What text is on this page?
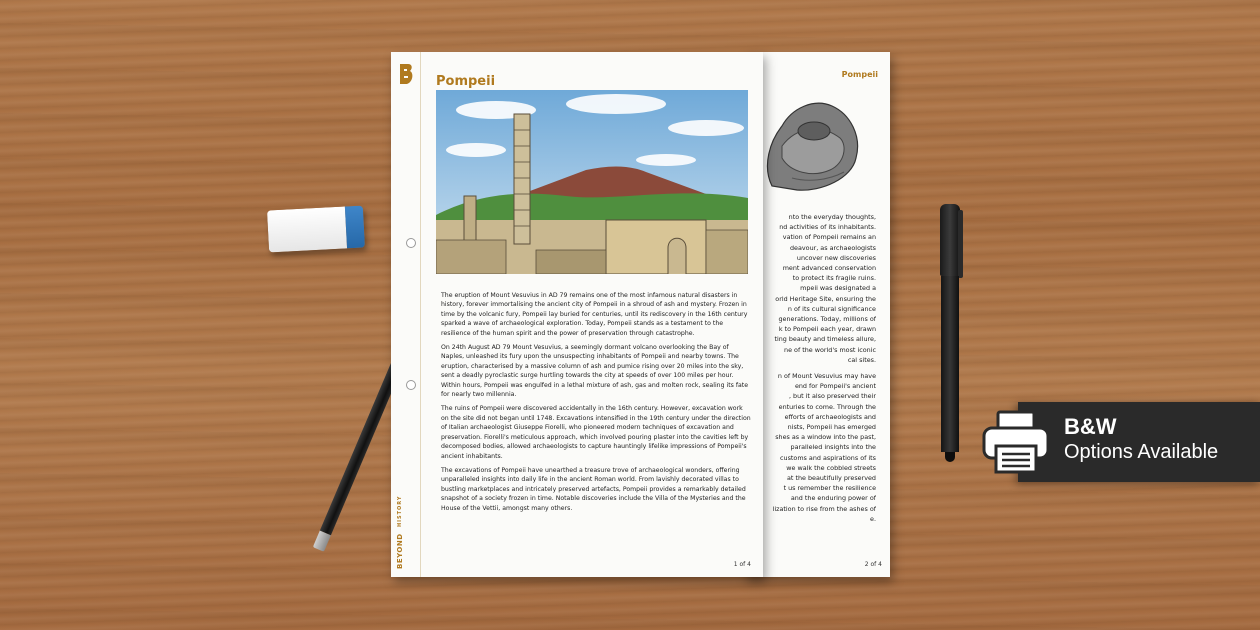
Pompeii

nto the everyday thoughts,

nd activities of its inhabitants.

vation of Pompeii remains an

deavour, as archaeologists

uncover new discoveries

ment advanced conservation

to protect its fragile ruins.

mpeii was designated a

orld Heritage Site, ensuring the

n of its cultural significance

generations. Today, millions of

k to Pompeii each year, drawn

ting beauty and timeless allure,

ne of the world's most iconic

cal sites.

n of Mount Vesuvius may have

end for Pompeii's ancient

, but it also preserved their

enturies to come. Through the

efforts of archaeologists and

nists, Pompeii has emerged

shes as a window into the past,

paralleled insights into the

customs and aspirations of its

we walk the cobbled streets

at the beautifully preserved

t us remember the resilience

and the enduring power of

lization to rise from the ashes of

e.

2 of 4
BEYOND HISTORY
Pompeii

The eruption of Mount Vesuvius in AD 79 remains one of the most infamous natural disasters in history, forever immortalising the ancient city of Pompeii in a shroud of ash and mystery. Frozen in time by the volcanic fury, Pompeii lay buried for centuries, until its rediscovery in the 16th century sparked a wave of archaeological exploration. Today, Pompeii stands as a testament to the resilience of the human spirit and the power of preservation through catastrophe.

On 24th August AD 79 Mount Vesuvius, a seemingly dormant volcano overlooking the Bay of Naples, unleashed its fury upon the unsuspecting inhabitants of Pompeii and nearby towns. The eruption, characterised by a massive column of ash and pumice rising over 20 miles into the sky, sent a deadly pyroclastic surge hurtling towards the city at speeds of over 100 miles per hour. Within hours, Pompeii was engulfed in a lethal mixture of ash, gas and molten rock, sealing its fate for nearly two millennia.

The ruins of Pompeii were discovered accidentally in the 16th century. However, excavation work on the site did not began until 1748. Excavations intensified in the 19th century under the direction of Italian archaeologist Giuseppe Fiorelli, who pioneered modern techniques of excavation and preservation. Fiorelli's meticulous approach, which involved pouring plaster into the cavities left by decomposed bodies, allowed archaeologists to capture hauntingly lifelike impressions of Pompeii's ancient inhabitants.

The excavations of Pompeii have unearthed a treasure trove of archaeological wonders, offering unparalleled insights into daily life in the ancient Roman world. From lavishly decorated villas to bustling marketplaces and intricately preserved artefacts, Pompeii provides a remarkably detailed snapshot of a society frozen in time. Notable discoveries include the Villa of the Mysteries and the House of the Vettii, amongst many others.

1 of 4
B&W
Options Available
